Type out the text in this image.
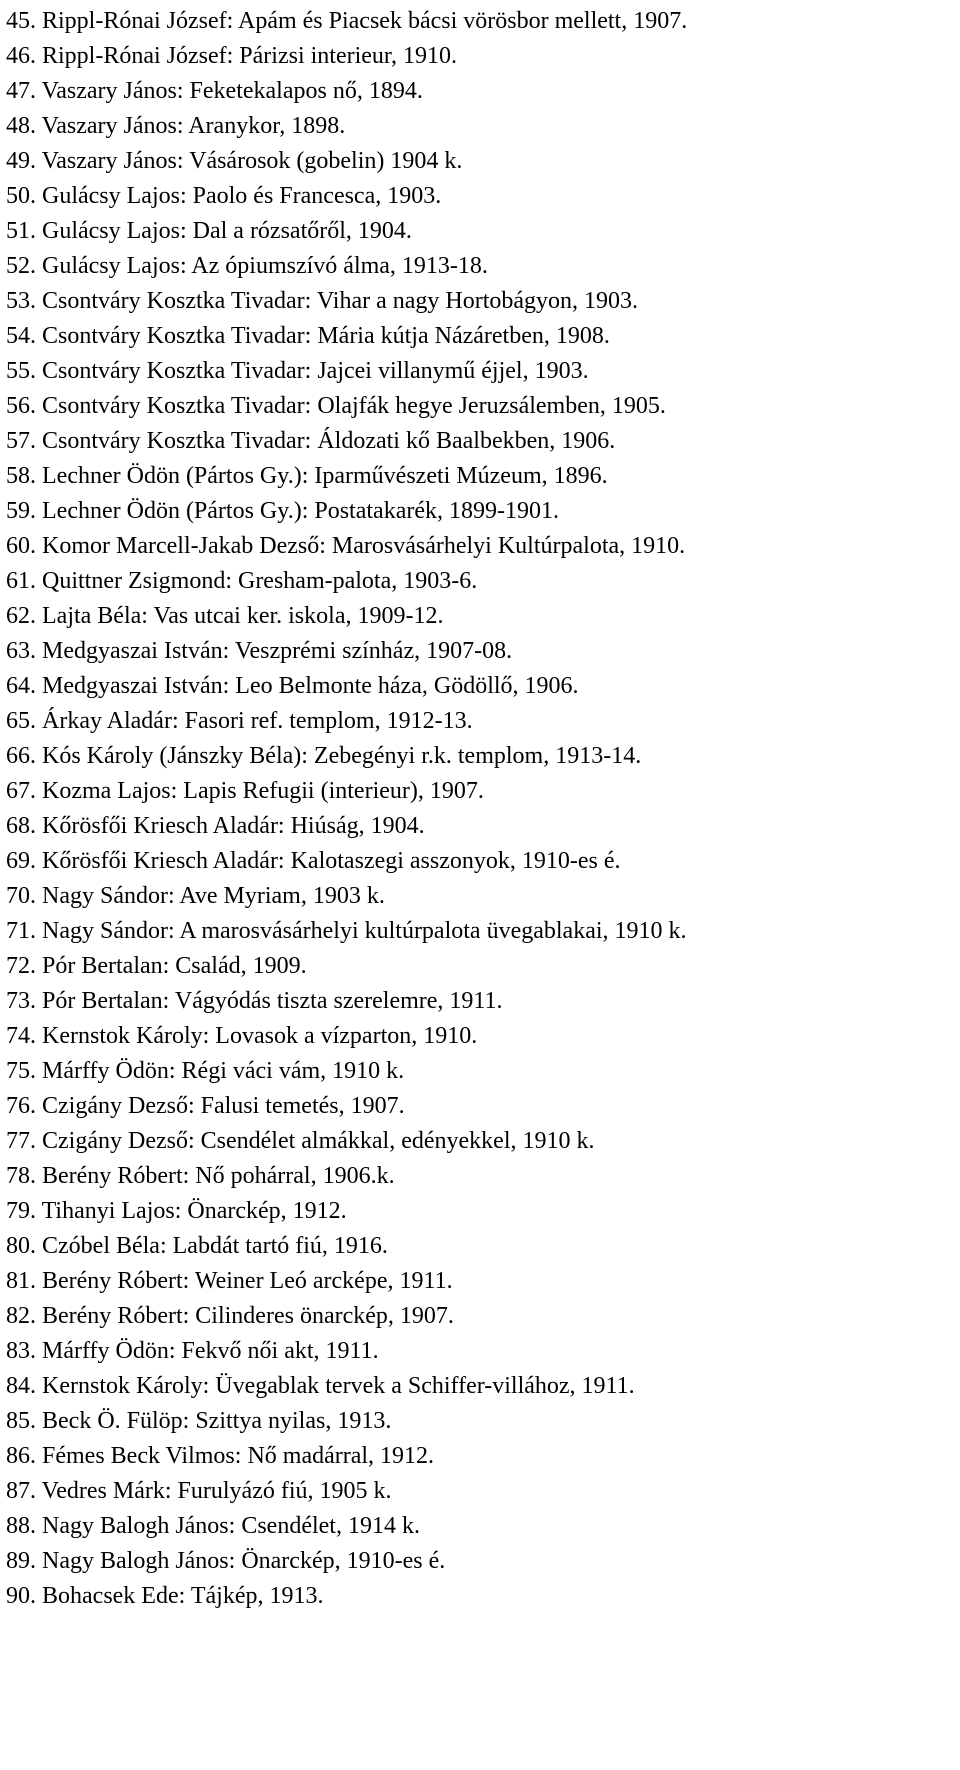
45. Rippl-Rónai József: Apám és Piacsek bácsi vörösbor mellett, 1907.
46. Rippl-Rónai József: Párizsi interieur, 1910.
47. Vaszary János: Feketekalapos nő, 1894.
48. Vaszary János: Aranykor, 1898.
49. Vaszary János: Vásárosok (gobelin) 1904 k.
50. Gulácsy Lajos: Paolo és Francesca, 1903.
51. Gulácsy Lajos: Dal a rózsatőről, 1904.
52. Gulácsy Lajos: Az ópiumszívó álma, 1913-18.
53. Csontváry Kosztka Tivadar: Vihar a nagy Hortobágyon, 1903.
54. Csontváry Kosztka Tivadar: Mária kútja Názáretben, 1908.
55. Csontváry Kosztka Tivadar: Jajcei villanymű éjjel, 1903.
56. Csontváry Kosztka Tivadar: Olajfák hegye Jeruzsálemben, 1905.
57. Csontváry Kosztka Tivadar: Áldozati kő Baalbekben, 1906.
58. Lechner Ödön (Pártos Gy.): Iparművészeti Múzeum, 1896.
59. Lechner Ödön (Pártos Gy.): Postatakarék, 1899-1901.
60. Komor Marcell-Jakab Dezső: Marosvásárhelyi Kultúrpalota, 1910.
61. Quittner Zsigmond: Gresham-palota, 1903-6.
62. Lajta Béla: Vas utcai ker. iskola, 1909-12.
63. Medgyaszai István: Veszprémi színház, 1907-08.
64. Medgyaszai István: Leo Belmonte háza, Gödöllő, 1906.
65. Árkay Aladár: Fasori ref. templom, 1912-13.
66. Kós Károly (Jánszky Béla): Zebegényi r.k. templom, 1913-14.
67. Kozma Lajos: Lapis Refugii (interieur), 1907.
68. Kőrösfői Kriesch Aladár: Hiúság, 1904.
69. Kőrösfői Kriesch Aladár: Kalotaszegi asszonyok, 1910-es é.
70. Nagy Sándor: Ave Myriam, 1903 k.
71. Nagy Sándor: A marosvásárhelyi kultúrpalota üvegablakai, 1910 k.
72. Pór Bertalan: Család, 1909.
73. Pór Bertalan: Vágyódás tiszta szerelemre, 1911.
74. Kernstok Károly: Lovasok a vízparton, 1910.
75. Márffy Ödön: Régi váci vám, 1910 k.
76. Czigány Dezső: Falusi temetés, 1907.
77. Czigány Dezső: Csendélet almákkal, edényekkel, 1910 k.
78. Berény Róbert: Nő pohárral, 1906.k.
79. Tihanyi Lajos: Önarckép, 1912.
80. Czóbel Béla: Labdát tartó fiú, 1916.
81. Berény Róbert: Weiner Leó arcképe, 1911.
82. Berény Róbert: Cilinderes önarckép, 1907.
83. Márffy Ödön: Fekvő női akt, 1911.
84. Kernstok Károly: Üvegablak tervek a Schiffer-villához, 1911.
85. Beck Ö. Fülöp: Szittya nyilas, 1913.
86. Fémes Beck Vilmos: Nő madárral, 1912.
87. Vedres Márk: Furulyázó fiú, 1905 k.
88. Nagy Balogh János: Csendélet, 1914 k.
89. Nagy Balogh János: Önarckép, 1910-es é.
90. Bohacsek Ede: Tájkép, 1913.
